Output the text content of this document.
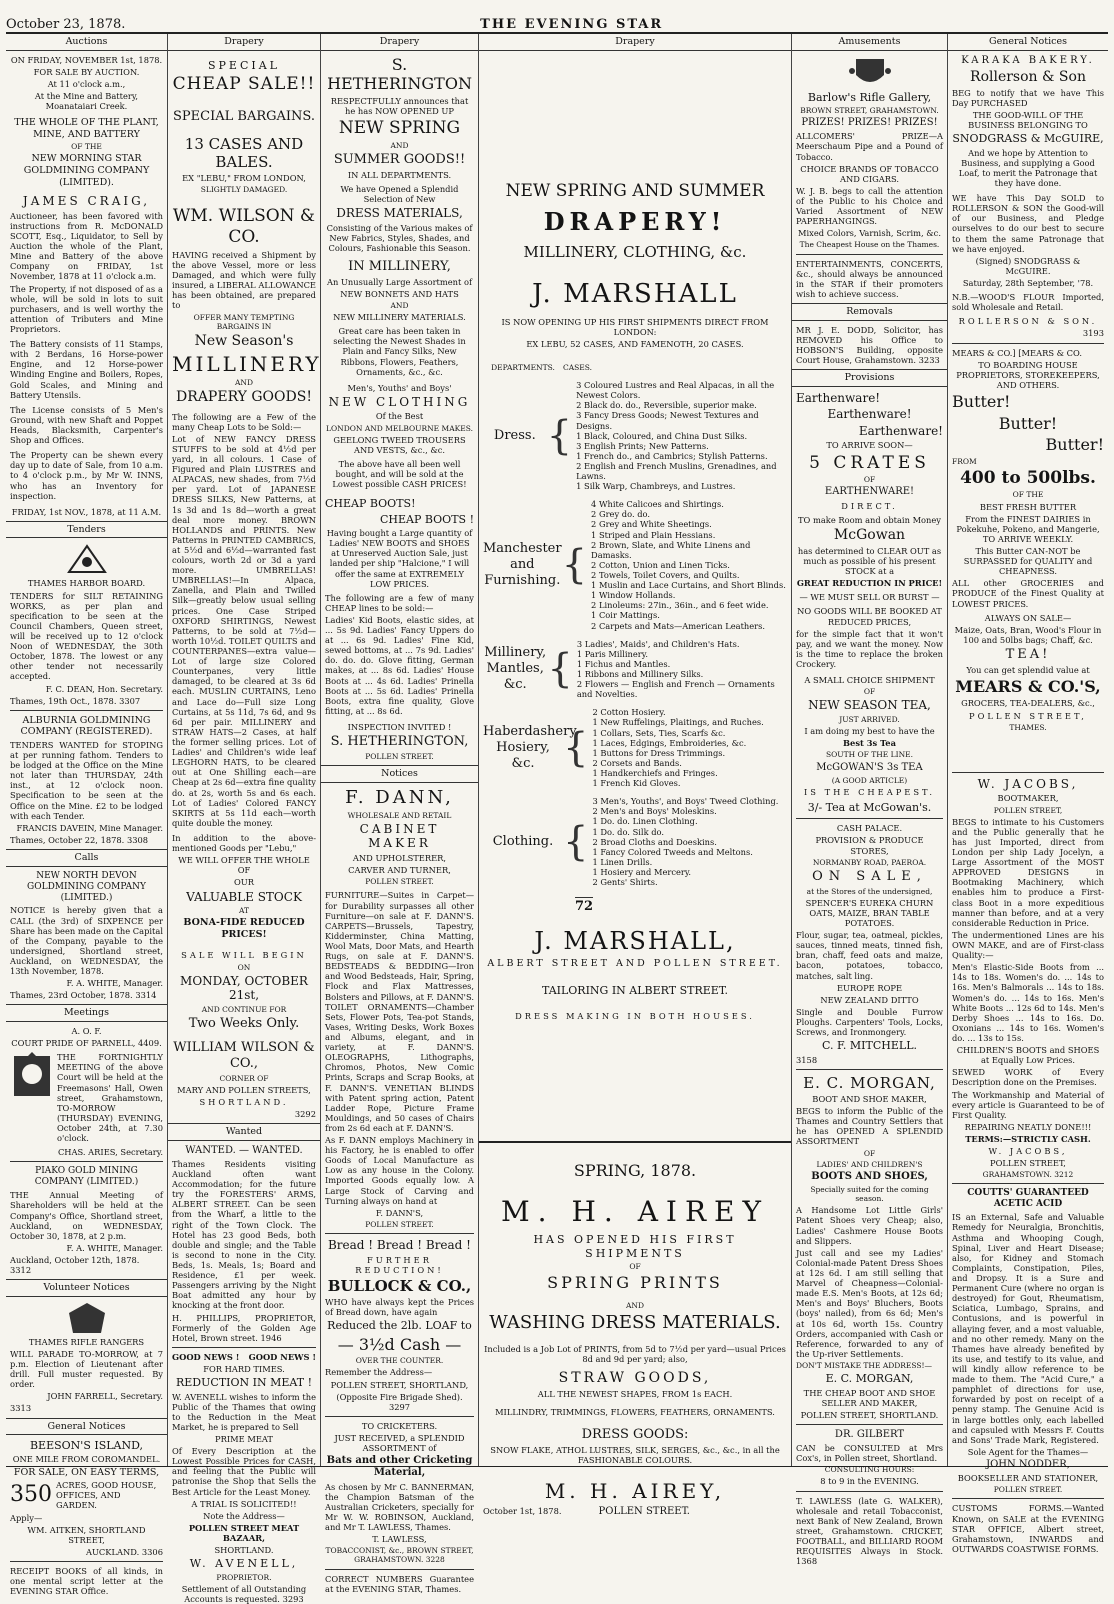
October 23, 1878.	THE EVENING STAR
Auctions

ON FRIDAY, NOVEMBER 1st, 1878.

FOR SALE BY AUCTION.

At 11 o'clock a.m.,

At the Mine and Battery, Moanataiari Creek.

THE WHOLE OF THE PLANT, MINE, AND BATTERY

OF THE

NEW MORNING STAR GOLDMINING COMPANY (LIMITED).

JAMES CRAIG,

Auctioneer, has been favored with instructions from R. McDONALD SCOTT, Esq., Liquidator, to Sell by Auction the whole of the Plant, Mine and Battery of the above Company on FRIDAY, 1st November, 1878 at 11 o'clock a.m.

The Property, if not disposed of as a whole, will be sold in lots to suit purchasers, and is well worthy the attention of Tributers and Mine Proprietors.

The Battery consists of 11 Stamps, with 2 Berdans, 16 Horse-power Engine, and 12 Horse-power Winding Engine and Boilers, Ropes, Gold Scales, and Mining and Battery Utensils.

The License consists of 5 Men's Ground, with new Shaft and Poppet Heads, Blacksmith, Carpenter's Shop and Offices.

The Property can be shewn every day up to date of Sale, from 10 a.m. to 4 o'clock p.m., by Mr W. INNS, who has an Inventory for inspection.

FRIDAY, 1st NOV., 1878, at 11 A.M.

Tenders

THAMES HARBOR BOARD.

TENDERS for SILT RETAINING WORKS, as per plan and specification to be seen at the Council Chambers, Queen street, will be received up to 12 o'clock Noon of WEDNESDAY, the 30th October, 1878. The lowest or any other tender not necessarily accepted.

F. C. DEAN, Hon. Secretary.

Thames, 19th Oct., 1878. 3307

ALBURNIA GOLDMINING COMPANY (REGISTERED).

TENDERS WANTED for STOPING at per running fathom. Tenders to be lodged at the Office on the Mine not later than THURSDAY, 24th inst., at 12 o'clock noon. Specification to be seen at the Office on the Mine. £2 to be lodged with each Tender.

FRANCIS DAVEIN, Mine Manager.

Thames, October 22, 1878. 3308

Calls

NEW NORTH DEVON GOLDMINING COMPANY (LIMITED.)

NOTICE is hereby given that a CALL (the 3rd) of SIXPENCE per Share has been made on the Capital of the Company, payable to the undersigned, Shortland street, Auckland, on WEDNESDAY, the 13th November, 1878.

F. A. WHITE, Manager.

Thames, 23rd October, 1878. 3314

Meetings

A. O. F.

COURT PRIDE OF PARNELL, 4409.

THE FORTNIGHTLY MEETING of the above Court will be held at the Freemasons' Hall, Owen street, Grahamstown, TO-MORROW (THURSDAY) EVENING, October 24th, at 7.30 o'clock.

CHAS. ARIES, Secretary.

PIAKO GOLD MINING COMPANY (LIMITED.)

THE Annual Meeting of Shareholders will be held at the Company's Office, Shortland street, Auckland, on WEDNESDAY, October 30, 1878, at 2 p.m.

F. A. WHITE, Manager.

Auckland, October 12th, 1878. 3312

Volunteer Notices

THAMES RIFLE RANGERS

WILL PARADE TO-MORROW, at 7 p.m. Election of Lieutenant after drill. Full muster requested. By order.

JOHN FARRELL, Secretary.

3313

General Notices

BEESON'S ISLAND,

ONE MILE FROM COROMANDEL.

FOR SALE, ON EASY TERMS,

350 ACRES, GOOD HOUSE, OFFICES, AND GARDEN.

Apply—

WM. AITKEN, SHORTLAND STREET,

AUCKLAND. 3306

RECEIPT BOOKS of all kinds, in one mental script letter at the EVENING STAR Office.

Drapery

SPECIAL

CHEAP SALE!!

SPECIAL BARGAINS.

13 CASES AND BALES.

EX "LEBU," FROM LONDON,

SLIGHTLY DAMAGED.

WM. WILSON & CO.

HAVING received a Shipment by the above Vessel, more or less Damaged, and which were fully insured, a LIBERAL ALLOWANCE has been obtained, are prepared to

OFFER MANY TEMPTING BARGAINS IN

New Season's

MILLINERY

AND

DRAPERY GOODS!

The following are a Few of the many Cheap Lots to be Sold:—

Lot of NEW FANCY DRESS STUFFS to be sold at 4½d per yard, in all colours. 1 Case of Figured and Plain LUSTRES and ALPACAS, new shades, from 7½d per yard. Lot of JAPANESE DRESS SILKS, New Patterns, at 1s 3d and 1s 8d—worth a great deal more money. BROWN HOLLANDS and PRINTS. New Patterns in PRINTED CAMBRICS, at 5½d and 6½d—warranted fast colours, worth 2d or 3d a yard more. UMBRELLAS! UMBRELLAS!—In Alpaca, Zanella, and Plain and Twilled Silk—greatly below usual selling prices. One Case Striped OXFORD SHIRTINGS, Newest Patterns, to be sold at 7½d—worth 10½d. TOILET QUILTS and COUNTERPANES—extra value—Lot of large size Colored Counterpanes, very little damaged, to be cleared at 3s 6d each. MUSLIN CURTAINS, Leno and Lace do—Full size Long Curtains, at 5s 11d, 7s 6d, and 9s 6d per pair. MILLINERY and STRAW HATS—2 Cases, at half the former selling prices. Lot of Ladies' and Children's wide leaf LEGHORN HATS, to be cleared out at One Shilling each—are Cheap at 2s 6d—extra fine quality do. at 2s, worth 5s and 6s each. Lot of Ladies' Colored FANCY SKIRTS at 5s 11d each—worth quite double the money.

In addition to the above-mentioned Goods per "Lebu,"

WE WILL OFFER THE WHOLE OF

OUR

VALUABLE STOCK

AT

BONA-FIDE REDUCED PRICES!

SALE WILL BEGIN

ON

MONDAY, OCTOBER 21st,

AND CONTINUE FOR

Two Weeks Only.

WILLIAM WILSON & CO.,

CORNER OF

MARY AND POLLEN STREETS,

SHORTLAND.

3292

Wanted

WANTED. — WANTED.

Thames Residents visiting Auckland often want Accommodation; for the future try the FORESTERS' ARMS, ALBERT STREET. Can be seen from the Wharf, a little to the right of the Town Clock. The Hotel has 23 good Beds, both double and single; and the Table is second to none in the City. Beds, 1s. Meals, 1s; Board and Residence, £1 per week. Passengers arriving by the Night Boat admitted any hour by knocking at the front door.

H. PHILLIPS, PROPRIETOR, Formerly of the Golden Age Hotel, Brown street. 1946

GOOD NEWS ! GOOD NEWS !

FOR HARD TIMES.

REDUCTION IN MEAT !

W. AVENELL wishes to inform the Public of the Thames that owing to the Reduction in the Meat Market, he is prepared to Sell

PRIME MEAT

Of Every Description at the Lowest Possible Prices for CASH, and feeling that the Public will patronise the Shop that Sells the Best Article for the Least Money.

A TRIAL IS SOLICITED!!

Note the Address—

POLLEN STREET MEAT BAZAAR,

SHORTLAND.

W. AVENELL,

PROPRIETOR.

Settlement of all Outstanding Accounts is requested. 3293

Drapery

S. HETHERINGTON

RESPECTFULLY announces that he has NOW OPENED UP

NEW SPRING

AND

SUMMER GOODS!!

IN ALL DEPARTMENTS.

We have Opened a Splendid Selection of New

DRESS MATERIALS,

Consisting of the Various makes of New Fabrics, Styles, Shades, and Colours, Fashionable this Season.

IN MILLINERY,

An Unusually Large Assortment of

NEW BONNETS AND HATS

AND

NEW MILLINERY MATERIALS.

Great care has been taken in selecting the Newest Shades in Plain and Fancy Silks, New Ribbons, Flowers, Feathers, Ornaments, &c., &c.

Men's, Youths' and Boys'

NEW CLOTHING

Of the Best

LONDON AND MELBOURNE MAKES.

GEELONG TWEED TROUSERS AND VESTS, &c., &c.

The above have all been well bought, and will be sold at the Lowest possible CASH PRICES!

CHEAP BOOTS!

CHEAP BOOTS !

Having bought a Large quantity of Ladies' NEW BOOTS and SHOES at Unreserved Auction Sale, just landed per ship "Halcione," I will offer the same at EXTREMELY LOW PRICES.

The following are a few of many CHEAP lines to be sold:—

Ladies' Kid Boots, elastic sides, at ... 5s 9d. Ladies' Fancy Uppers do at ... 6s 9d. Ladies' Fine Kid, sewed bottoms, at ... 7s 9d. Ladies' do. do. do. Glove fitting, German makes, at ... 8s 6d. Ladies' House Boots at ... 4s 6d. Ladies' Prinella Boots at ... 5s 6d. Ladies' Prinella Boots, extra fine quality, Glove fitting, at ... 8s 6d.

INSPECTION INVITED !

S. HETHERINGTON,

POLLEN STREET.

Notices

F. DANN,

WHOLESALE AND RETAIL

CABINET MAKER

AND UPHOLSTERER,

CARVER AND TURNER,

POLLEN STREET.

FURNITURE—Suites in Carpet—for Durability surpasses all other Furniture—on sale at F. DANN'S. CARPETS—Brussels, Tapestry, Kidderminster, China Matting, Wool Mats, Door Mats, and Hearth Rugs, on sale at F. DANN'S. BEDSTEADS & BEDDING—Iron and Wood Bedsteads, Hair, Spring, Flock and Flax Mattresses, Bolsters and Pillows, at F. DANN'S. TOILET ORNAMENTS—Chamber Sets, Flower Pots, Tea-pot Stands, Vases, Writing Desks, Work Boxes and Albums, elegant, and in variety, at F. DANN'S. OLEOGRAPHS, Lithographs, Chromos, Photos, New Comic Prints, Scraps and Scrap Books, at F. DANN'S. VENETIAN BLINDS with Patent spring action, Patent Ladder Rope, Picture Frame Mouldings, and 50 cases of Chairs from 2s 6d each at F. DANN'S.

As F. DANN employs Machinery in his Factory, he is enabled to offer Goods of Local Manufacture as Low as any house in the Colony. Imported Goods equally low. A Large Stock of Carving and Turning always on hand at

F. DANN'S,

POLLEN STREET.

Bread ! Bread ! Bread !

FURTHER REDUCTION!

BULLOCK & CO.,

WHO have always kept the Prices of Bread down, have again

Reduced the 2lb. LOAF to

— 3½d Cash —

OVER THE COUNTER.

Remember the Address—

POLLEN STREET, SHORTLAND,

(Opposite Fire Brigade Shed). 3297

TO CRICKETERS.

JUST RECEIVED, a SPLENDID ASSORTMENT of

Bats and other Cricketing Material,

As chosen by Mr C. BANNERMAN, the Champion Batsman of the Australian Cricketers, specially for Mr W. W. ROBINSON, Auckland, and Mr T. LAWLESS, Thames.

T. LAWLESS,

TOBACCONIST, &c., BROWN STREET, GRAHAMSTOWN. 3228

CORRECT NUMBERS Guarantee at the EVENING STAR, Thames.

Drapery

NEW SPRING AND SUMMER

DRAPERY!

MILLINERY, CLOTHING, &c.

J. MARSHALL

IS NOW OPENING UP HIS FIRST SHIPMENTS DIRECT FROM LONDON:

EX LEBU, 52 CASES, AND FAMENOTH, 20 CASES.

DEPARTMENTS.	CASES.
Dress. {
3 Coloured Lustres and Real Alpacas, in all the Newest Colors.
2 Black do. do., Reversible, superior make.
3 Fancy Dress Goods; Newest Textures and Designs.
1 Black, Coloured, and China Dust Silks.
3 English Prints; New Patterns.
1 French do., and Cambrics; Stylish Patterns.
2 English and French Muslins, Grenadines, and Lawns.
1 Silk Warp, Chambreys, and Lustres.
Manchester and Furnishing. {
4 White Calicoes and Shirtings.
2 Grey do. do.
2 Grey and White Sheetings.
1 Striped and Plain Hessians.
2 Brown, Slate, and White Linens and Damasks.
2 Cotton, Union and Linen Ticks.
2 Towels, Toilet Covers, and Quilts.
1 Muslin and Lace Curtains, and Short Blinds.
1 Window Hollands.
2 Linoleums: 27in., 36in., and 6 feet wide.
1 Coir Mattings.
2 Carpets and Mats—American Leathers.
Millinery, Mantles, &c. {
3 Ladies', Maids', and Children's Hats.
1 Paris Millinery.
1 Fichus and Mantles.
1 Ribbons and Millinery Silks.
2 Flowers — English and French — Ornaments and Novelties.
Haberdashery, Hosiery, &c. {
2 Cotton Hosiery.
1 New Ruffelings, Plaitings, and Ruches.
1 Collars, Sets, Ties, Scarfs &c.
1 Laces, Edgings, Embroideries, &c.
1 Buttons for Dress Trimmings.
2 Corsets and Bands.
1 Handkerchiefs and Fringes.
1 French Kid Gloves.
Clothing. {
3 Men's, Youths', and Boys' Tweed Clothing.
2 Men's and Boys' Moleskins.
1 Do. do. Linen Clothing.
1 Do. do. Silk do.
2 Broad Cloths and Doeskins.
1 Fancy Colored Tweeds and Meltons.
1 Linen Drills.
1 Hosiery and Mercery.
2 Gents' Shirts.

72

J. MARSHALL,

ALBERT STREET AND POLLEN STREET.

TAILORING IN ALBERT STREET.

DRESS MAKING IN BOTH HOUSES.

SPRING, 1878.

M. H. AIREY

HAS OPENED HIS FIRST SHIPMENTS

OF

SPRING PRINTS

AND

WASHING DRESS MATERIALS.

Included is a Job Lot of PRINTS, from 5d to 7½d per yard—usual Prices 8d and 9d per yard; also,

STRAW GOODS,

ALL THE NEWEST SHAPES, FROM 1s EACH.

MILLINDRY, TRIMMINGS, FLOWERS, FEATHERS, ORNAMENTS.

DRESS GOODS:

SNOW FLAKE, ATHOL LUSTRES, SILK, SERGES, &c., &c., in all the FASHIONABLE COLOURS.

M. H. AIREY,

October 1st, 1878.	POLLEN STREET.
Amusements

Barlow's Rifle Gallery,

BROWN STREET, GRAHAMSTOWN.

PRIZES! PRIZES! PRIZES!

ALLCOMERS' PRIZE—A Meerschaum Pipe and a Pound of Tobacco.

CHOICE BRANDS OF TOBACCO AND CIGARS.

W. J. B. begs to call the attention of the Public to his Choice and Varied Assortment of NEW PAPERHANGINGS.

Mixed Colors, Varnish, Scrim, &c.

The Cheapest House on the Thames.

ENTERTAINMENTS, CONCERTS, &c., should always be announced in the STAR if their promoters wish to achieve success.

Removals

MR J. E. DODD, Solicitor, has REMOVED his Office to HOBSON'S Building, opposite Court House, Grahamstown. 3233

Provisions

Earthenware!

Earthenware!

Earthenware!

TO ARRIVE SOON—

5 CRATES

OF

EARTHENWARE!

DIRECT.

TO make Room and obtain Money

McGowan

has determined to CLEAR OUT as much as possible of his present STOCK at a

GREAT REDUCTION IN PRICE!

— WE MUST SELL OR BURST —

NO GOODS WILL BE BOOKED AT REDUCED PRICES,

for the simple fact that it won't pay, and we want the money. Now is the time to replace the broken Crockery.

A SMALL CHOICE SHIPMENT

OF

NEW SEASON TEA,

JUST ARRIVED.

I am doing my best to have the

Best 3s Tea

SOUTH OF THE LINE.

McGOWAN'S 3s TEA

(A GOOD ARTICLE)

IS THE CHEAPEST.

3/- Tea at McGowan's.

CASH PALACE.

PROVISION & PRODUCE STORES,

NORMANBY ROAD, PAEROA.

ON SALE,

at the Stores of the undersigned,

SPENCER'S EUREKA CHURN OATS, MAIZE, BRAN TABLE POTATOES.

Flour, sugar, tea, oatmeal, pickles, sauces, tinned meats, tinned fish, bran, chaff, feed oats and maize, bacon, potatoes, tobacco, matches, salt ling.

EUROPE ROPE

NEW ZEALAND DITTO

Single and Double Furrow Ploughs. Carpenters' Tools, Locks, Screws, and Ironmongery.

C. F. MITCHELL.

3158

E. C. MORGAN,

BOOT AND SHOE MAKER,

BEGS to inform the Public of the Thames and Country Settlers that he has OPENED A SPLENDID ASSORTMENT

OF

LADIES' AND CHILDREN'S

BOOTS AND SHOES,

Specially suited for the coming season.

A Handsome Lot Little Girls' Patent Shoes very Cheap; also, Ladies' Cashmere House Boots and Slippers.

Just call and see my Ladies' Colonial-made Patent Dress Shoes at 12s 6d. I am still selling that Marvel of Cheapness—Colonial-made E.S. Men's Boots, at 12s 6d; Men's and Boys' Bluchers, Boots (boys' nailed), from 6s 6d; Men's at 10s 6d, worth 15s. Country Orders, accompanied with Cash or Reference, forwarded to any of the Up-river Settlements.

DON'T MISTAKE THE ADDRESS!—

E. C. MORGAN,

THE CHEAP BOOT AND SHOE SELLER AND MAKER,

POLLEN STREET, SHORTLAND.

DR. GILBERT

CAN be CONSULTED at Mrs Cox's, in Pollen street, Shortland.

CONSULTING HOURS:

8 to 9 in the EVENING.

T. LAWLESS (late G. WALKER), wholesale and retail Tobacconist, next Bank of New Zealand, Brown street, Grahamstown. CRICKET, FOOTBALL, and BILLIARD ROOM REQUISITES Always in Stock. 1368

General Notices

KARAKA BAKERY.

Rollerson & Son

BEG to notify that we have This Day PURCHASED

THE GOOD-WILL OF THE BUSINESS BELONGING TO

SNODGRASS & McGUIRE,

And we hope by Attention to Business, and supplying a Good Loaf, to merit the Patronage that they have done.

WE have This Day SOLD to ROLLERSON & SON the Good-will of our Business, and Pledge ourselves to do our best to secure to them the same Patronage that we have enjoyed.

(Signed) SNODGRASS & McGUIRE.

Saturday, 28th September, '78.

N.B.—WOOD'S FLOUR Imported, sold Wholesale and Retail.

ROLLERSON & SON.

3193

MEARS & CO.] [MEARS & CO.

TO BOARDING HOUSE PROPRIETORS, STOREKEEPERS, AND OTHERS.

Butter!

Butter!

Butter!

FROM

400 to 500lbs.

OF THE

BEST FRESH BUTTER

From the FINEST DAIRIES in Pokekuhe, Pokeno, and Mangerie, TO ARRIVE WEEKLY.

This Butter CAN-NOT be SURPASSED for QUALITY and CHEAPNESS.

ALL other GROCERIES and PRODUCE of the Finest Quality at LOWEST PRICES.

ALWAYS ON SALE—

Maize, Oats, Bran, Wood's Flour in 100 and 50lbs bags; Chaff, &c.

TEA!

You can get splendid value at

MEARS & CO.'S,

GROCERS, TEA-DEALERS, &c.,

POLLEN STREET,

THAMES.

W. JACOBS,

BOOTMAKER,

POLLEN STREET,

BEGS to intimate to his Customers and the Public generally that he has just Imported, direct from London per ship Lady Jocelyn, a Large Assortment of the MOST APPROVED DESIGNS in Bootmaking Machinery, which enables him to produce a First-class Boot in a more expeditious manner than before, and at a very considerable Reduction in Price.

The undermentioned Lines are his OWN MAKE, and are of First-class Quality:—

Men's Elastic-Side Boots from ... 14s to 18s. Women's do. ... 14s to 16s. Men's Balmorals ... 14s to 18s. Women's do. ... 14s to 16s. Men's White Boots ... 12s 6d to 14s. Men's Derby Shoes ... 14s to 16s. Do. Oxonians ... 14s to 16s. Women's do. ... 13s to 15s.

CHILDREN'S BOOTS and SHOES at Equally Low Prices.

SEWED WORK of Every Description done on the Premises.

The Workmanship and Material of every article is Guaranteed to be of First Quality.

REPAIRING NEATLY DONE!!!

TERMS:—STRICTLY CASH.

W. JACOBS,

POLLEN STREET,

GRAHAMSTOWN. 3212

COUTTS' GUARANTEED ACETIC ACID

IS an External, Safe and Valuable Remedy for Neuralgia, Bronchitis, Asthma and Whooping Cough, Spinal, Liver and Heart Disease; also, for Kidney and Stomach Complaints, Constipation, Piles, and Dropsy. It is a Sure and Permanent Cure (where no organ is destroyed) for Gout, Rheumatism, Sciatica, Lumbago, Sprains, and Contusions, and is powerful in allaying fever, and a most valuable, and no other remedy. Many on the Thames have already benefited by its use, and testify to its value, and will kindly allow reference to be made to them. The "Acid Cure," a pamphlet of directions for use, forwarded by post on receipt of a penny stamp. The Genuine Acid is in large bottles only, each labelled and capsuled with Messrs F. Coutts and Sons' Trade Mark, Registered.

Sole Agent for the Thames—

JOHN NODDER,

BOOKSELLER AND STATIONER,

POLLEN STREET.

CUSTOMS FORMS.—Wanted Known, on SALE at the EVENING STAR OFFICE, Albert street, Grahamstown, INWARDS and OUTWARDS COASTWISE FORMS.
